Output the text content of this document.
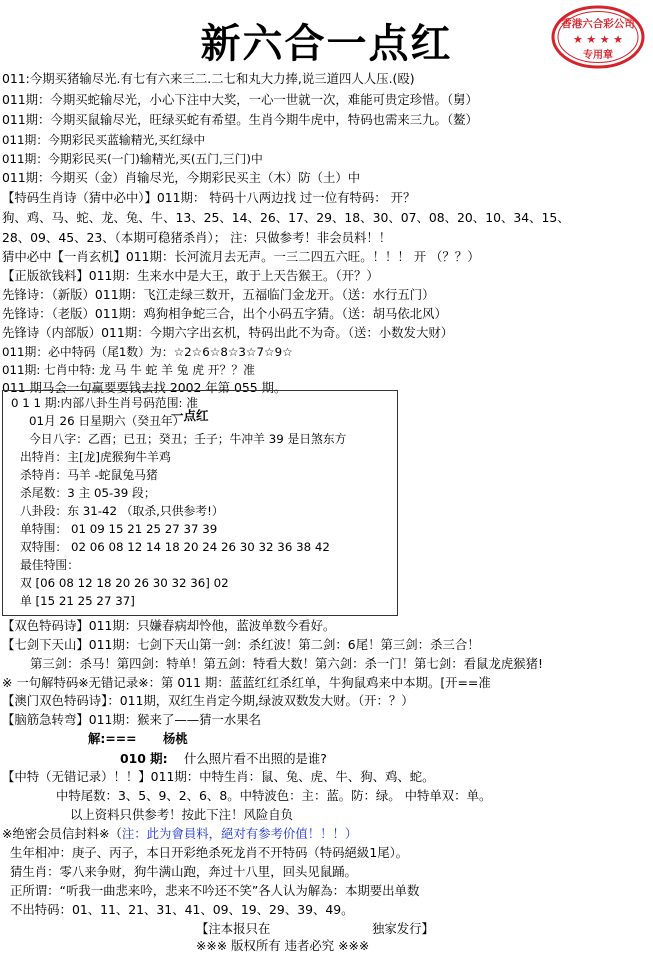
新六合一点红	香港六合彩公司
★ ★ ★ ★
专用章
011:今期买猪输尽光.有七有六来三二.二七和丸大力捧,说三道四人人压.(殴)
011期：今期买蛇输尽光，小心下注中大奖，一心一世就一次，难能可贵定珍惜。（舅）
011期：今期买鼠输尽光，旺绿买蛇有希望。生肖今期牛虎中，特码也需来三九。（鳌）
011期：今期彩民买蓝输精光,买红绿中
011期：今期彩民买(一门)输精光,买(五门,三门)中
011期：今期买（金）肖输尽光，今期彩民买主（木）防（土）中
【特码生肖诗（猜中必中）】011期： 特码十八两边找 过一位有特码： 开？
狗、鸡、马、蛇、龙、兔、牛、13、25、14、26、17、29、18、30、07、08、20、10、34、15、
28、09、45、23、（本期可稳猪杀肖）； 注：只做参考！非会员料！！
猜中必中【一肖玄机】011期：长河流月去无声。一三二四五六旺。！！！ 开 （？？）
【正版欲钱料】011期：生来水中是大王，敢于上天告猴王。（开？）
先锋诗：（新版）011期：飞江走绿三数开，五福临门金龙开。（送：水行五门）
先锋诗：（老版）011期：鸡狗相争蛇三合，出个小码五字猜。（送：胡马依北风）
先锋诗（内部版）011期：今期六字出玄机，特码出此不为奇。（送：小数发大财）
011期：必中特码（尾1数）为：☆2☆6☆8☆3☆7☆9☆
011期: 七肖中特: 龙 马 牛 蛇 羊 兔 虎 开？？准
011 期马会一句赢要要钱去找 2002 年第 055 期。
0 1 1 期:内部八卦生肖号码范围: 准
一点红
01月 26 日星期六（癸丑年）
今日八字：乙酉；已丑；癸丑；壬子；牛冲羊 39 是日煞东方
出特肖：主[龙]虎猴狗牛羊鸡
杀特肖：马羊 -蛇鼠兔马猪
杀尾数：3 主 05-39 段；
八卦段：东 31-42 （取杀,只供参考!）
单特围： 01 09 15 21 25 27 37 39
双特围： 02 06 08 12 14 18 20 24 26 30 32 36 38 42
最佳特围：
双 [06 08 12 18 20 26 30 32 36] 02
单 [15 21 25 27 37]
【双色特码诗】011期：只嫌春病却怜他，蓝波单数今看好。
【七剑下天山】011期：七剑下天山第一剑：杀红波！第二剑：6尾！第三剑：杀三合！
第三剑：杀马！第四剑：特单！第五剑：特看大数！第六剑：杀一门！第七剑：看鼠龙虎猴猪!
※ 一句解特码※无错记录※：第 011 期：蓝蓝红红杀红单，牛狗鼠鸡来中本期。[开==准
【澳门双色特码诗】：011期，双红生肖定今期,绿波双数发大财。（开：？）
【脑筋急转弯】011期：猴来了——猜一水果名
解:=== 杨桃
010 期: 什么照片看不出照的是谁?
【中特（无错记录）！！】011期：中特生肖：鼠、兔、虎、牛、狗、鸡、蛇。
中特尾数：3、5、9、2、6、8。中特波色：主：蓝。防：绿。 中特单双：单。
以上资料只供参考！按此下注！风险自负
※绝密会员信封料※（注：此为會員料，絕对有参考价值！！！）
生年相冲：庚子、丙子，本日开彩绝杀死龙肖不开特码（特码絕級1尾）。
猜生肖：零八来争财，狗牛满山跑，奔过十八里，回头见鼠踊。
正所谓：“听我一曲悲来吟，悲来不吟还不笑”各人认为解為：本期要出单数
不出特码：01、11、21、31、41、09、19、29、39、49。
【注本报只在	独家发行】
※※※ 版权所有 违者必究 ※※※
